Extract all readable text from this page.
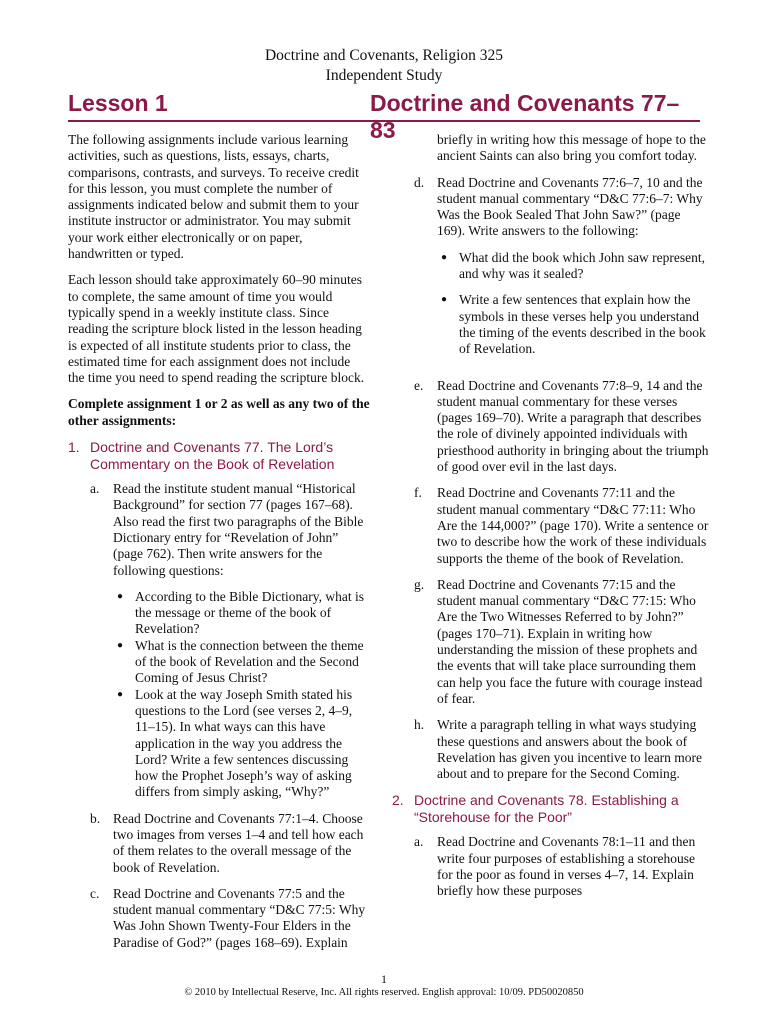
Doctrine and Covenants, Religion 325
Independent Study
Lesson 1	Doctrine and Covenants 77–83

The following assignments include various learning activities, such as questions, lists, essays, charts, comparisons, contrasts, and surveys. To receive credit for this lesson, you must complete the number of assignments indicated below and submit them to your institute instructor or administrator. You may submit your work either electronically or on paper, handwritten or typed.

Each lesson should take approximately 60–90 minutes to complete, the same amount of time you would typically spend in a weekly institute class. Since reading the scripture block listed in the lesson heading is expected of all institute students prior to class, the estimated time for each assignment does not include the time you need to spend reading the scripture block.

Complete assignment 1 or 2 as well as any two of the other assignments:

1. Doctrine and Covenants 77. The Lord’s Commentary on the Book of Revelation
a.	Read the institute student manual “Historical Background” for section 77 (pages 167–68). Also read the first two paragraphs of the Bible Dictionary entry for “Revelation of John” (page 762). Then write answers for the following questions:

● According to the Bible Dictionary, what is the message or theme of the book of Revelation?
● What is the connection between the theme of the book of Revelation and the Second Coming of Jesus Christ?
● Look at the way Joseph Smith stated his questions to the Lord (see verses 2, 4–9, 11–15). In what ways can this have application in the way you address the Lord? Write a few sentences discussing how the Prophet Joseph’s way of asking differs from simply asking, “Why?”
b. Read Doctrine and Covenants 77:1–4. Choose two images from verses 1–4 and tell how each of them relates to the overall message of the book of Revelation.

c.	Read Doctrine and Covenants 77:5 and the student manual commentary “D&C 77:5: Why Was John Shown Twenty-Four Elders in the Paradise of God?” (pages 168–69). Explain

briefly in writing how this message of hope to the ancient Saints can also bring you comfort today.

d. Read Doctrine and Covenants 77:6–7, 10 and the student manual commentary “D&C 77:6–7: Why Was the Book Sealed That John Saw?” (page 169). Write answers to the following:

● What did the book which John saw represent, and why was it sealed?
● Write a few sentences that explain how the symbols in these verses help you understand the timing of the events described in the book of Revelation.
e.	Read Doctrine and Covenants 77:8–9, 14 and the student manual commentary for these verses (pages 169–70). Write a paragraph that describes the role of divinely appointed individuals with priesthood authority in bringing about the triumph of good over evil in the last days.

f.	Read Doctrine and Covenants 77:11 and the student manual commentary “D&C 77:11: Who Are the 144,000?” (page 170). Write a sentence or two to describe how the work of these individuals supports the theme of the book of Revelation.

g. Read Doctrine and Covenants 77:15 and the student manual commentary “D&C 77:15: Who Are the Two Witnesses Referred to by John?” (pages 170–71). Explain in writing how understanding the mission of these prophets and the events that will take place surrounding them can help you face the future with courage instead of fear.

h. Write a paragraph telling in what ways studying these questions and answers about the book of Revelation has given you incentive to learn more about and to prepare for the Second Coming.

2. Doctrine and Covenants 78. Establishing a “Storehouse for the Poor”
a.	Read Doctrine and Covenants 78:1–11 and then write four purposes of establishing a storehouse for the poor as found in verses 4–7, 14. Explain briefly how these purposes

1
© 2010 by Intellectual Reserve, Inc. All rights reserved. English approval: 10/09. PD50020850
